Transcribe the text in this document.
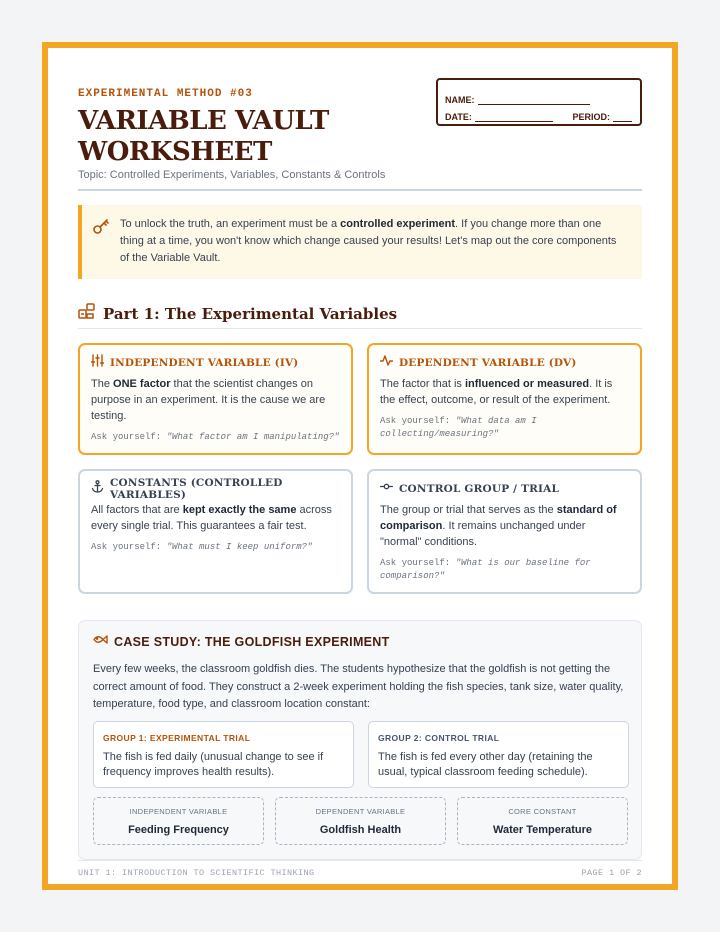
EXPERIMENTAL METHOD #03
VARIABLE VAULT WORKSHEET
Topic: Controlled Experiments, Variables, Constants & Controls
NAME:
DATE:	PERIOD:
To unlock the truth, an experiment must be a controlled experiment. If you change more than one thing at a time, you won't know which change caused your results! Let's map out the core components of the Variable Vault.
Part 1: The Experimental Variables
INDEPENDENT VARIABLE (IV)
The ONE factor that the scientist changes on purpose in an experiment. It is the cause we are testing.
Ask yourself: "What factor am I manipulating?"
DEPENDENT VARIABLE (DV)
The factor that is influenced or measured. It is the effect, outcome, or result of the experiment.
Ask yourself: "What data am I collecting/measuring?"
CONSTANTS (CONTROLLED VARIABLES)
All factors that are kept exactly the same across every single trial. This guarantees a fair test.
Ask yourself: "What must I keep uniform?"
CONTROL GROUP / TRIAL
The group or trial that serves as the standard of comparison. It remains unchanged under "normal" conditions.
Ask yourself: "What is our baseline for comparison?"
CASE STUDY: THE GOLDFISH EXPERIMENT
Every few weeks, the classroom goldfish dies. The students hypothesize that the goldfish is not getting the correct amount of food. They construct a 2-week experiment holding the fish species, tank size, water quality, temperature, food type, and classroom location constant:
GROUP 1: EXPERIMENTAL TRIAL
The fish is fed daily (unusual change to see if frequency improves health results).
GROUP 2: CONTROL TRIAL
The fish is fed every other day (retaining the usual, typical classroom feeding schedule).
INDEPENDENT VARIABLE
Feeding Frequency
DEPENDENT VARIABLE
Goldfish Health
CORE CONSTANT
Water Temperature
UNIT 1: INTRODUCTION TO SCIENTIFIC THINKING	PAGE 1 OF 2
